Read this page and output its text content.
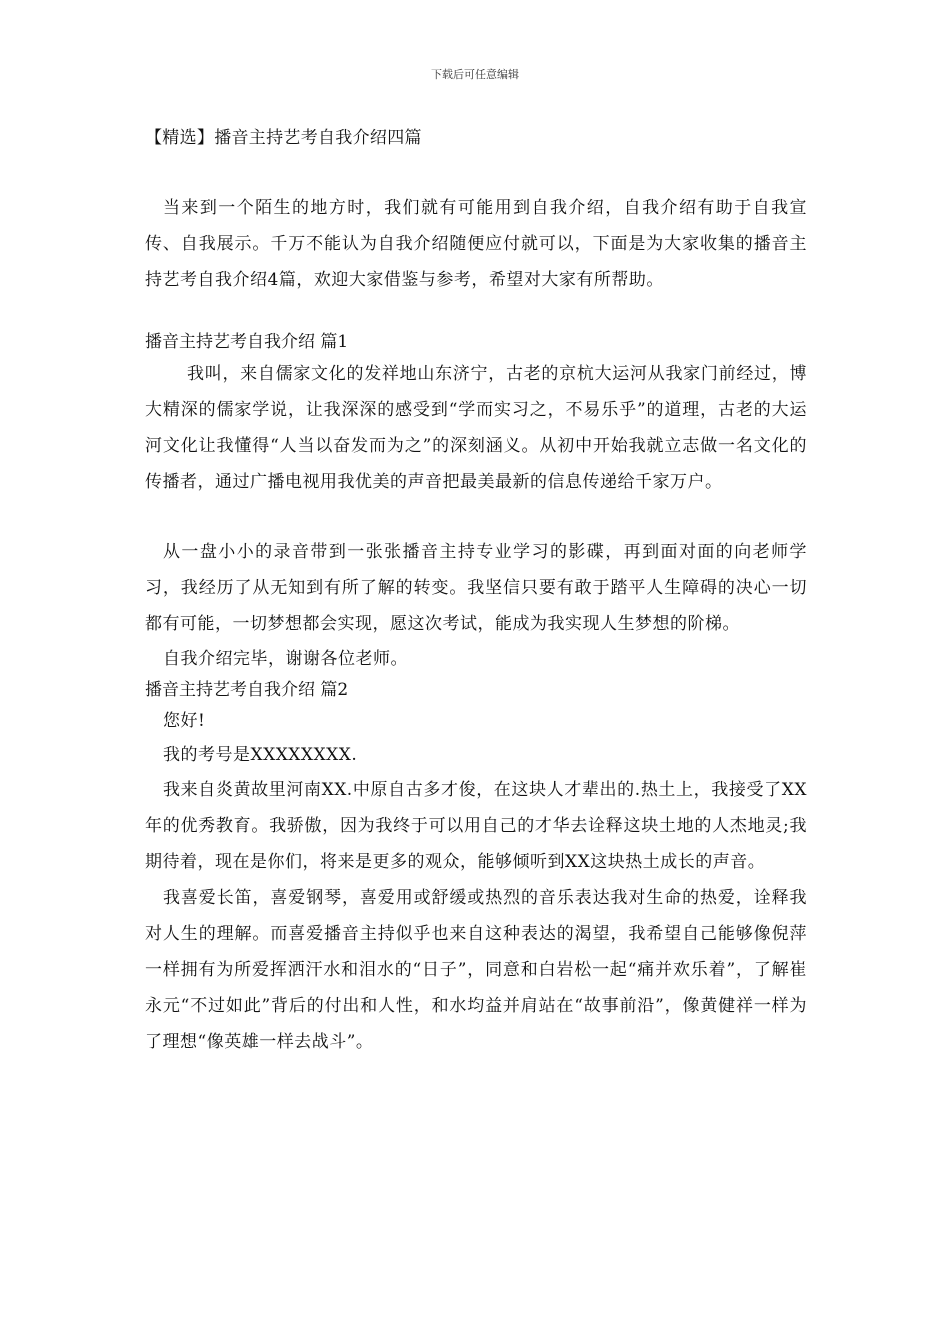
下载后可任意编辑

【精选】播音主持艺考自我介绍四篇

当来到一个陌生的地方时，我们就有可能用到自我介绍，自我介绍有助于自我宣传、自我展示。千万不能认为自我介绍随便应付就可以，下面是为大家收集的播音主持艺考自我介绍4篇，欢迎大家借鉴与参考，希望对大家有所帮助。

播音主持艺考自我介绍 篇1

我叫，来自儒家文化的发祥地山东济宁，古老的京杭大运河从我家门前经过，博大精深的儒家学说，让我深深的感受到“学而实习之，不易乐乎”的道理，古老的大运河文化让我懂得“人当以奋发而为之”的深刻涵义。从初中开始我就立志做一名文化的传播者，通过广播电视用我优美的声音把最美最新的信息传递给千家万户。

从一盘小小的录音带到一张张播音主持专业学习的影碟，再到面对面的向老师学习，我经历了从无知到有所了解的转变。我坚信只要有敢于踏平人生障碍的决心一切都有可能，一切梦想都会实现，愿这次考试，能成为我实现人生梦想的阶梯。

自我介绍完毕，谢谢各位老师。

播音主持艺考自我介绍 篇2

您好!

我的考号是XXXXXXXX.

我来自炎黄故里河南XX.中原自古多才俊，在这块人才辈出的.热土上，我接受了XX年的优秀教育。我骄傲，因为我终于可以用自己的才华去诠释这块土地的人杰地灵;我期待着，现在是你们，将来是更多的观众，能够倾听到XX这块热土成长的声音。

我喜爱长笛，喜爱钢琴，喜爱用或舒缓或热烈的音乐表达我对生命的热爱，诠释我对人生的理解。而喜爱播音主持似乎也来自这种表达的渴望，我希望自己能够像倪萍一样拥有为所爱挥洒汗水和泪水的“日子”，同意和白岩松一起“痛并欢乐着”，了解崔永元“不过如此”背后的付出和人性，和水均益并肩站在“故事前沿”，像黄健祥一样为了理想“像英雄一样去战斗”。
